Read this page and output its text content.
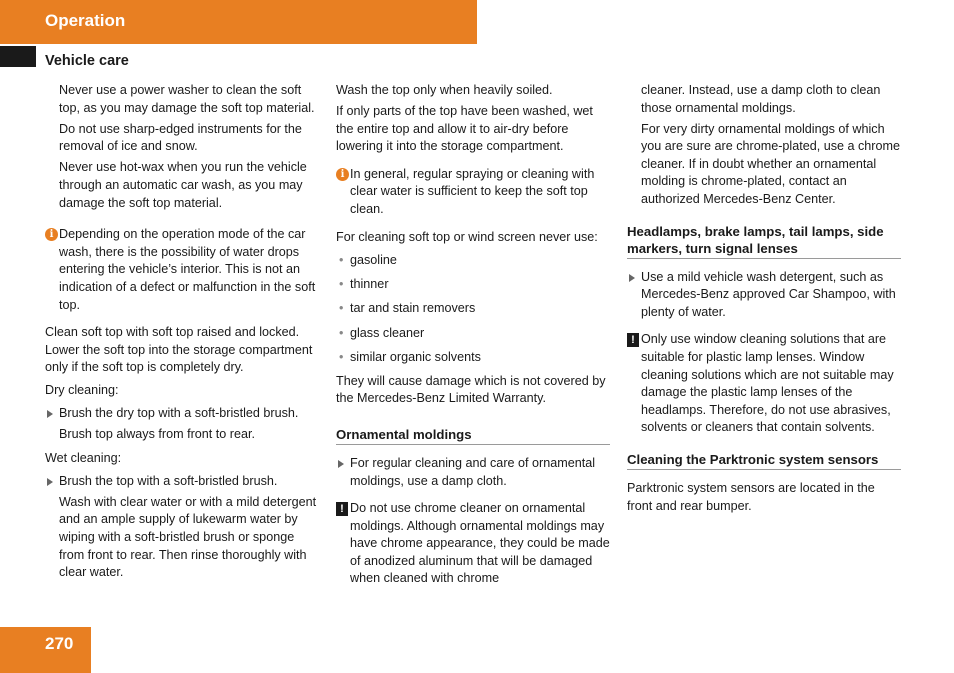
Operation
Vehicle care

Never use a power washer to clean the soft top, as you may damage the soft top material.

Do not use sharp-edged instruments for the removal of ice and snow.

Never use hot-wax when you run the vehicle through an automatic car wash, as you may damage the soft top material.

i Depending on the operation mode of the car wash, there is the possibility of water drops entering the vehicle’s interior. This is not an indication of a defect or malfunction in the soft top.

Clean soft top with soft top raised and locked. Lower the soft top into the storage compartment only if the soft top is completely dry.

Dry cleaning:

Brush the dry top with a soft-bristled brush.

Brush top always from front to rear.

Wet cleaning:

Brush the top with a soft-bristled brush.

Wash with clear water or with a mild detergent and an ample supply of lukewarm water by wiping with a soft-bristled brush or sponge from front to rear. Then rinse thoroughly with clear water.

Wash the top only when heavily soiled.

If only parts of the top have been washed, wet the entire top and allow it to air-dry before lowering it into the storage compartment.

i In general, regular spraying or cleaning with clear water is sufficient to keep the soft top clean.

For cleaning soft top or wind screen never use:

• gasoline

• thinner

• tar and stain removers

• glass cleaner

• similar organic solvents

They will cause damage which is not covered by the Mercedes-Benz Limited Warranty.

Ornamental moldings

For regular cleaning and care of ornamental moldings, use a damp cloth.

! Do not use chrome cleaner on ornamental moldings. Although ornamental moldings may have chrome appearance, they could be made of anodized aluminum that will be damaged when cleaned with chrome

cleaner. Instead, use a damp cloth to clean those ornamental moldings.

For very dirty ornamental moldings of which you are sure are chrome-plated, use a chrome cleaner. If in doubt whether an ornamental molding is chrome-plated, contact an authorized Mercedes-Benz Center.

Headlamps, brake lamps, tail lamps, side markers, turn signal lenses

Use a mild vehicle wash detergent, such as Mercedes-Benz approved Car Shampoo, with plenty of water.

! Only use window cleaning solutions that are suitable for plastic lamp lenses. Window cleaning solutions which are not suitable may damage the plastic lamp lenses of the headlamps. Therefore, do not use abrasives, solvents or cleaners that contain solvents.

Cleaning the Parktronic system sensors

Parktronic system sensors are located in the front and rear bumper.

270
